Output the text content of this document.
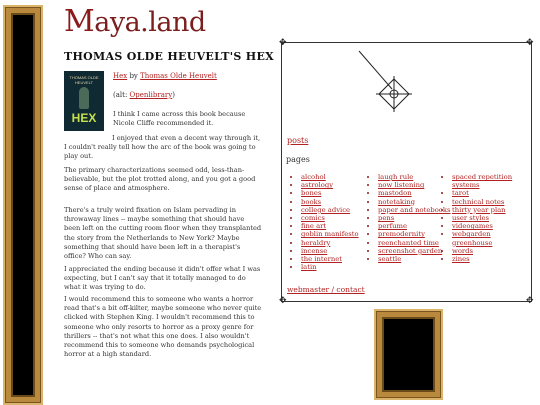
Maya.land
THOMAS OLDE HEUVELT'S HEX
THOMAS OLDE HEUVELT
HEX
Hex by Thomas Olde Heuvelt
(alt: Openlibrary)

I think I came across this book because Nicole Cliffe recommended it.

I enjoyed that even a decent way through it, I couldn't really tell how the arc of the book was going to play out.

The primary characterizations seemed odd, less-than-believable, but the plot trotted along, and you got a good sense of place and atmosphere.

There's a truly weird fixation on Islam pervading in throwaway lines -- maybe something that should have been left on the cutting room floor when they transplanted the story from the Netherlands to New York? Maybe something that should have been left in a therapist's office? Who can say.

I appreciated the ending because it didn't offer what I was expecting, but I can't say that it totally managed to do what it was trying to do.

I would recommend this to someone who wants a horror read that's a bit off-kilter, maybe someone who never quite clicked with Stephen King. I wouldn't recommend this to someone who only resorts to horror as a proxy genre for thrillers -- that's not what this one does. I also wouldn't recommend this to someone who demands psychological horror at a high standard.

✥	✥
✥	✥
posts
pages
• alcohol
• astrology
• bones
• books
• college advice
• comics
• fine art
• goblin manifesto
• heraldry
• incense
• the internet
• latin
• laugh rule
• now listening
• mastodon
• notetaking
• paper and notebooks
• pens
• perfume
• premodernity
• reenchanted time
• screenshot garden
• seattle
• spaced repetition systems
• tarot
• technical notes
• thirty year plan
• user styles
• videogames
• webgarden greenhouse
• words
• zines
webmaster / contact
